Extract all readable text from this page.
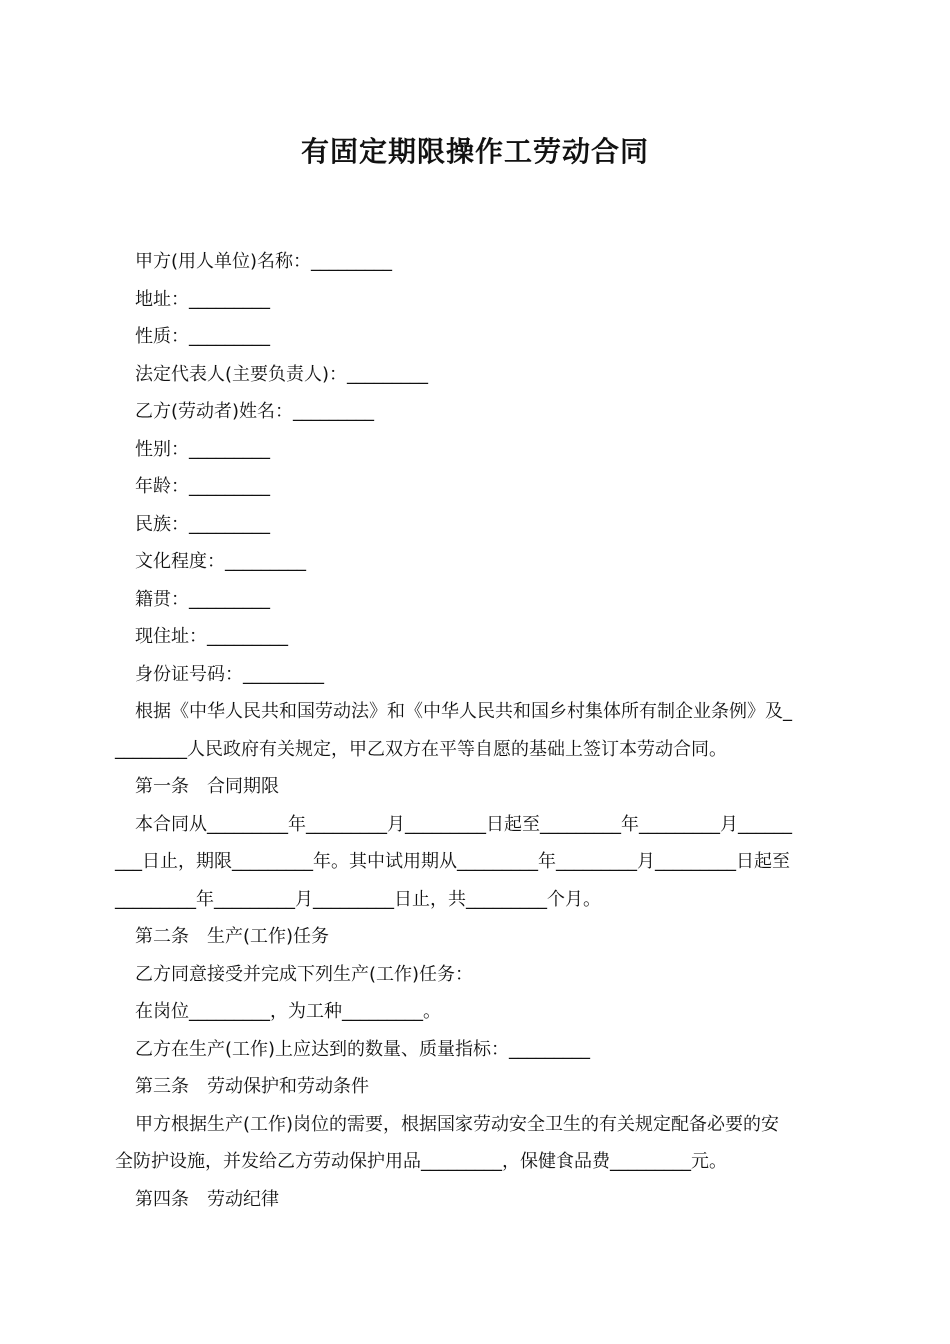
有固定期限操作工劳动合同

甲方(用人单位)名称：_________

地址：_________

性质：_________

法定代表人(主要负责人)：_________

乙方(劳动者)姓名：_________

性别：_________

年龄：_________

民族：_________

文化程度：_________

籍贯：_________

现住址：_________

身份证号码：_________

根据《中华人民共和国劳动法》和《中华人民共和国乡村集体所有制企业条例》及_

________人民政府有关规定，甲乙双方在平等自愿的基础上签订本劳动合同。

第一条　合同期限

本合同从_________年_________月_________日起至_________年_________月______

___日止，期限_________年。其中试用期从_________年_________月_________日起至

_________年_________月_________日止，共_________个月。

第二条　生产(工作)任务

乙方同意接受并完成下列生产(工作)任务：

在岗位_________，为工种_________。

乙方在生产(工作)上应达到的数量、质量指标：_________

第三条　劳动保护和劳动条件

甲方根据生产(工作)岗位的需要，根据国家劳动安全卫生的有关规定配备必要的安

全防护设施，并发给乙方劳动保护用品_________，保健食品费_________元。

第四条　劳动纪律
